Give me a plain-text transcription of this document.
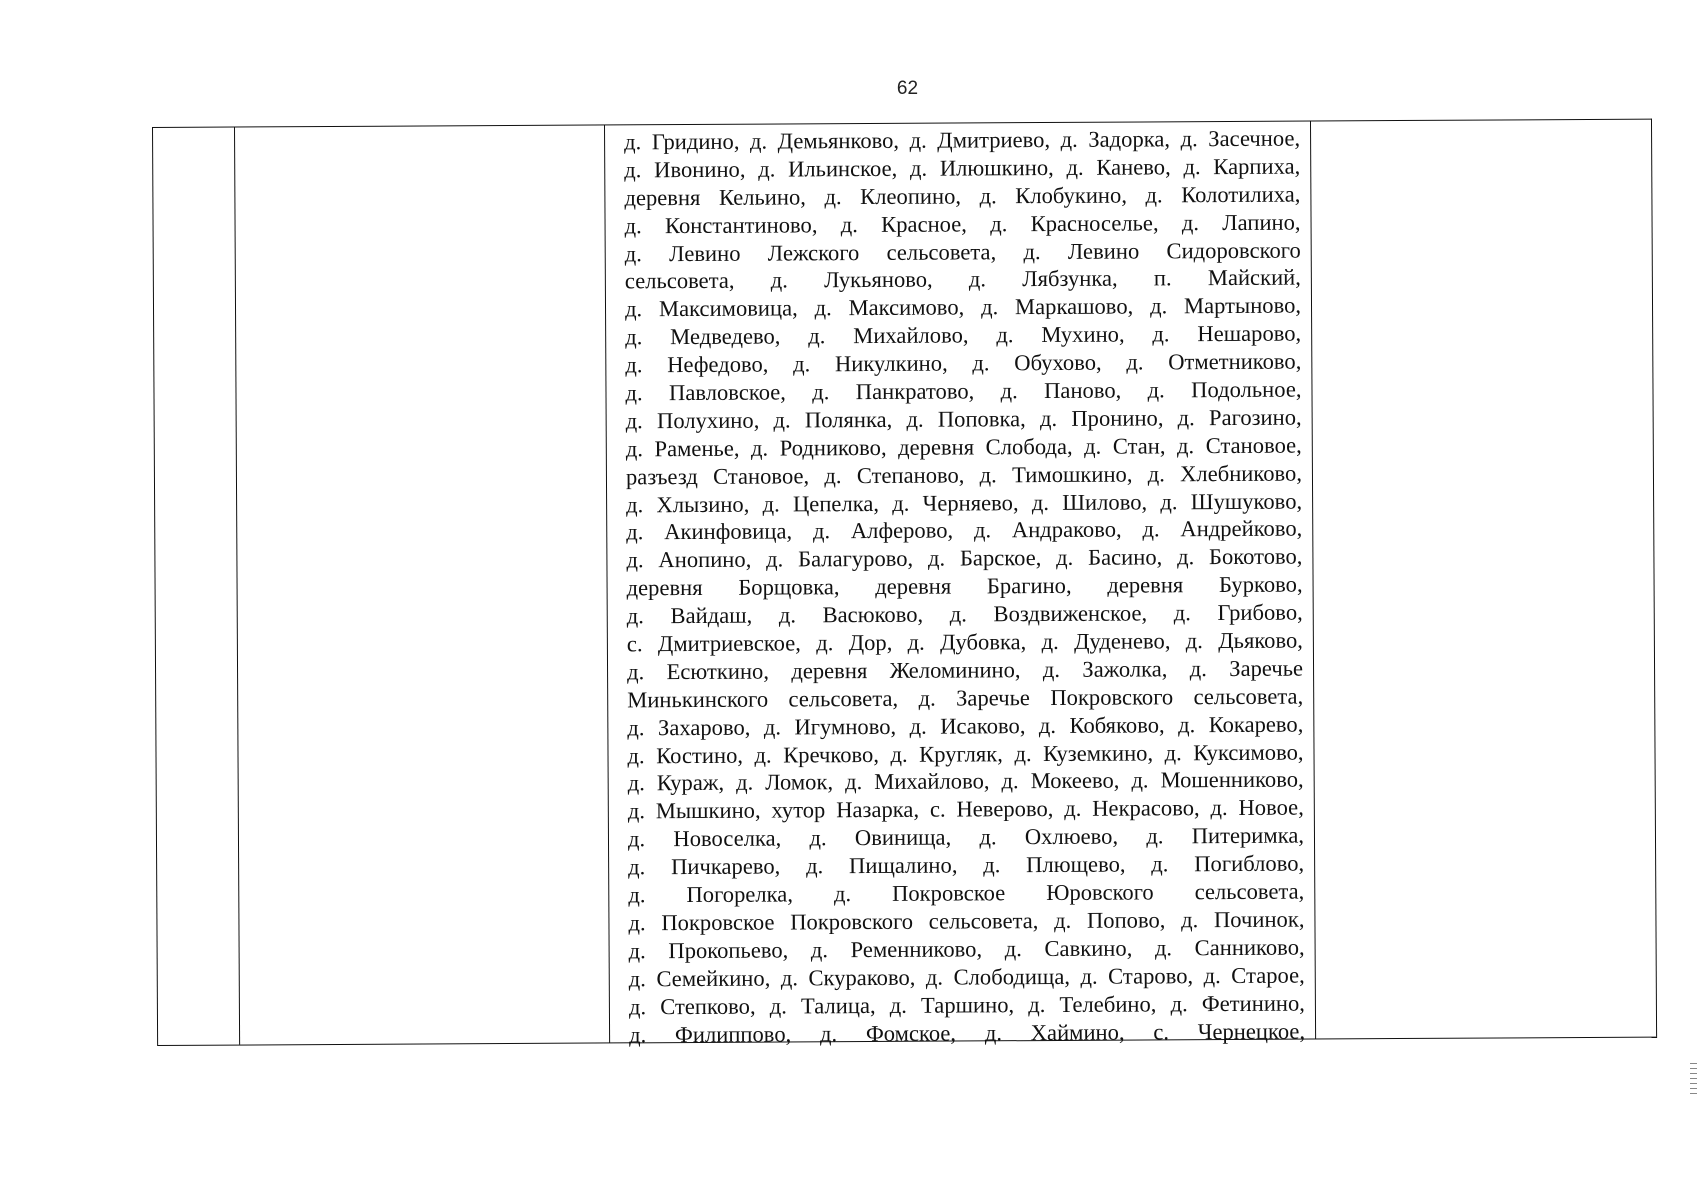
62
д. Гридино, д. Демьянково, д. Дмитриево, д. Задорка, д. Засечное,
д. Ивонино, д. Ильинское, д. Илюшкино, д. Канево, д. Карпиха,
деревня Кельино, д. Клеопино, д. Клобукино, д. Колотилиха,
д. Константиново, д. Красное, д. Красноселье, д. Лапино,
д. Левино Лежского сельсовета, д. Левино Сидоровского
сельсовета, д. Лукьяново, д. Лябзунка, п. Майский,
д. Максимовица, д. Максимово, д. Маркашово, д. Мартыново,
д. Медведево, д. Михайлово, д. Мухино, д. Нешарово,
д. Нефедово, д. Никулкино, д. Обухово, д. Отметниково,
д. Павловское, д. Панкратово, д. Паново, д. Подольное,
д. Полухино, д. Полянка, д. Поповка, д. Пронино, д. Рагозино,
д. Раменье, д. Родниково, деревня Слобода, д. Стан, д. Становое,
разъезд Становое, д. Степаново, д. Тимошкино, д. Хлебниково,
д. Хлызино, д. Цепелка, д. Черняево, д. Шилово, д. Шушуково,
д. Акинфовица, д. Алферово, д. Андраково, д. Андрейково,
д. Анопино, д. Балагурово, д. Барское, д. Басино, д. Бокотово,
деревня Борщовка, деревня Брагино, деревня Бурково,
д. Вайдаш, д. Васюково, д. Воздвиженское, д. Грибово,
с. Дмитриевское, д. Дор, д. Дубовка, д. Дуденево, д. Дьяково,
д. Есюткино, деревня Желоминино, д. Зажолка, д. Заречье
Минькинского сельсовета, д. Заречье Покровского сельсовета,
д. Захарово, д. Игумново, д. Исаково, д. Кобяково, д. Кокарево,
д. Костино, д. Кречково, д. Кругляк, д. Куземкино, д. Куксимово,
д. Кураж, д. Ломок, д. Михайлово, д. Мокеево, д. Мошенниково,
д. Мышкино, хутор Назарка, с. Неверово, д. Некрасово, д. Новое,
д. Новоселка, д. Овинища, д. Охлюево, д. Питеримка,
д. Пичкарево, д. Пищалино, д. Плющево, д. Погиблово,
д. Погорелка, д. Покровское Юровского сельсовета,
д. Покровское Покровского сельсовета, д. Попово, д. Починок,
д. Прокопьево, д. Ременниково, д. Савкино, д. Санниково,
д. Семейкино, д. Скураково, д. Слободища, д. Старово, д. Старое,
д. Степково, д. Талица, д. Таршино, д. Телебино, д. Фетинино,
д. Филиппово, д. Фомское, д. Хаймино, с. Чернецкое,
